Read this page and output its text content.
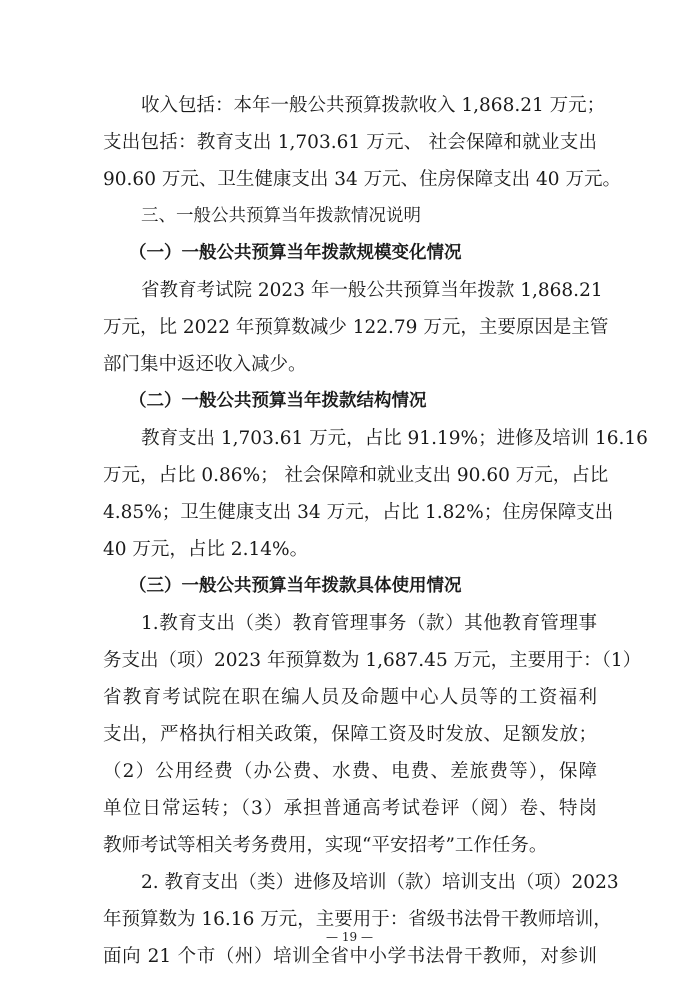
收入包括：本年一般公共预算拨款收入 1,868.21 万元；
支出包括：教育支出 1,703.61 万元、 社会保障和就业支出
90.60 万元、卫生健康支出 34 万元、住房保障支出 40 万元。
三、一般公共预算当年拨款情况说明
（一）一般公共预算当年拨款规模变化情况
省教育考试院 2023 年一般公共预算当年拨款 1,868.21
万元，比 2022 年预算数减少 122.79 万元，主要原因是主管
部门集中返还收入减少。
（二）一般公共预算当年拨款结构情况
教育支出 1,703.61 万元，占比 91.19%；进修及培训 16.16
万元，占比 0.86%； 社会保障和就业支出 90.60 万元，占比
4.85%；卫生健康支出 34 万元，占比 1.82%；住房保障支出
40 万元，占比 2.14%。
（三）一般公共预算当年拨款具体使用情况
1.教育支出（类）教育管理事务（款）其他教育管理事
务支出（项）2023 年预算数为 1,687.45 万元，主要用于：（1）
省教育考试院在职在编人员及命题中心人员等的工资福利
支出，严格执行相关政策，保障工资及时发放、足额发放；
（2）公用经费（办公费、水费、电费、差旅费等），保障
单位日常运转；（3）承担普通高考试卷评（阅）卷、特岗
教师考试等相关考务费用，实现“平安招考”工作任务。
2. 教育支出（类）进修及培训（款）培训支出（项）2023
年预算数为 16.16 万元，主要用于：省级书法骨干教师培训，
面向 21 个市（州）培训全省中小学书法骨干教师，对参训
— 19 —
